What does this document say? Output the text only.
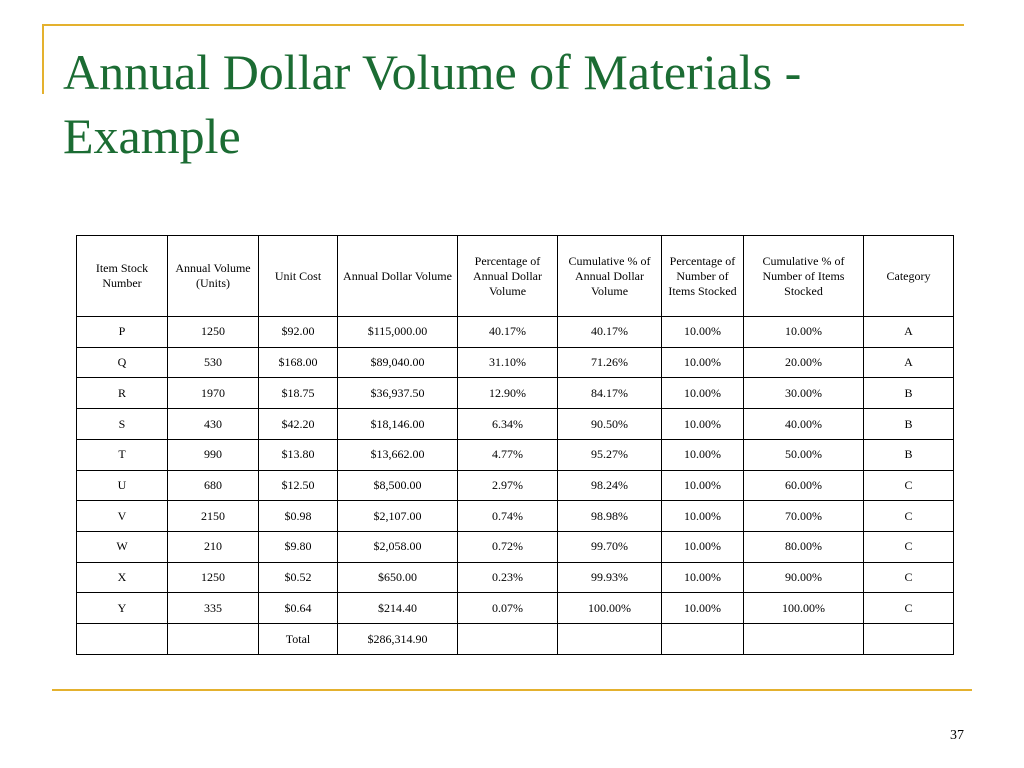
Annual Dollar Volume of Materials -
Example
Item Stock Number	Annual Volume (Units)	Unit Cost	Annual Dollar Volume	Percentage of Annual Dollar Volume	Cumulative % of Annual Dollar Volume	Percentage of Number of Items Stocked	Cumulative % of Number of Items Stocked	Category
P	1250	$92.00	$115,000.00	40.17%	40.17%	10.00%	10.00%	A
Q	530	$168.00	$89,040.00	31.10%	71.26%	10.00%	20.00%	A
R	1970	$18.75	$36,937.50	12.90%	84.17%	10.00%	30.00%	B
S	430	$42.20	$18,146.00	6.34%	90.50%	10.00%	40.00%	B
T	990	$13.80	$13,662.00	4.77%	95.27%	10.00%	50.00%	B
U	680	$12.50	$8,500.00	2.97%	98.24%	10.00%	60.00%	C
V	2150	$0.98	$2,107.00	0.74%	98.98%	10.00%	70.00%	C
W	210	$9.80	$2,058.00	0.72%	99.70%	10.00%	80.00%	C
X	1250	$0.52	$650.00	0.23%	99.93%	10.00%	90.00%	C
Y	335	$0.64	$214.40	0.07%	100.00%	10.00%	100.00%	C
		Total	$286,314.90					
37
